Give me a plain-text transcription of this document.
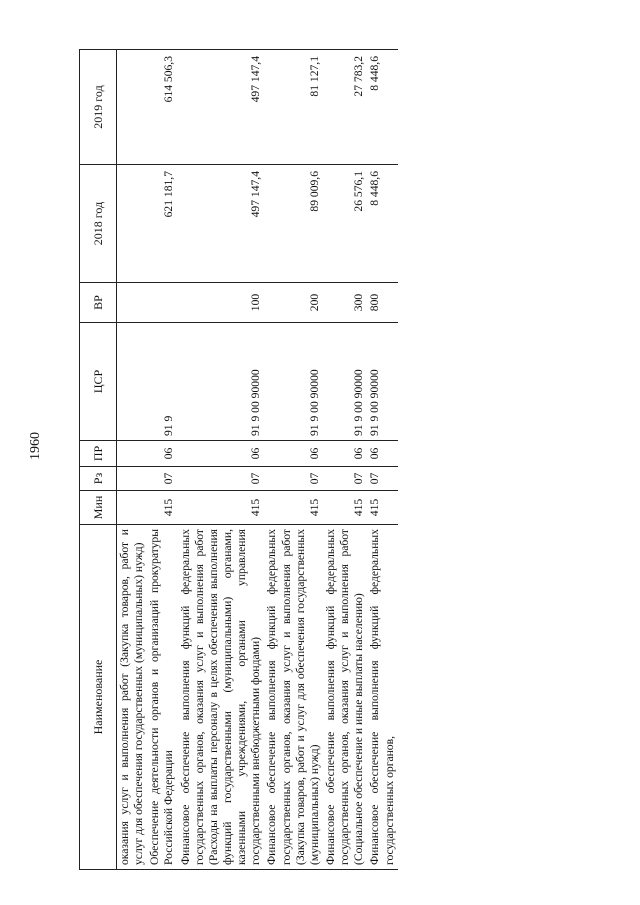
1960
Наименование	Мин	Рз	ПР	ЦСР	ВР	2018 год	2019 год
оказания услуг и выполнения работ (Закупка товаров, работ и услуг для обеспечения государственных (муниципальных) нужд)							
Обеспечение деятельности органов и организаций прокуратуры Российской Федерации	415	07	06	91 9		621 181,7	614 506,3
Финансовое обеспечение выполнения функций федеральных государственных органов, оказания услуг и выполнения работ (Расходы на выплаты персоналу в целях обеспечения выполнения функций государственными (муниципальными) органами, казенными учреждениями, органами управления государственными внебюджетными фондами)	415	07	06	91 9 00 90000	100	497 147,4	497 147,4
Финансовое обеспечение выполнения функций федеральных государственных органов, оказания услуг и выполнения работ (Закупка товаров, работ и услуг для обеспечения государственных (муниципальных) нужд)	415	07	06	91 9 00 90000	200	89 009,6	81 127,1
Финансовое обеспечение выполнения функций федеральных государственных органов, оказания услуг и выполнения работ (Социальное обеспечение и иные выплаты населению)	415	07	06	91 9 00 90000	300	26 576,1	27 783,2
Финансовое обеспечение выполнения функций федеральных государственных органов,	415	07	06	91 9 00 90000	800	8 448,6	8 448,6
